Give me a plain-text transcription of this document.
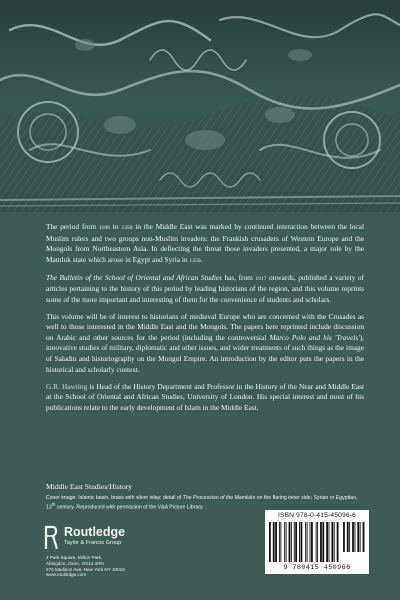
The period from 1100 to 1350 in the Middle East was marked by continued interaction between the local Muslim rulers and two groups non-Muslim invaders: the Frankish crusaders of Western Europe and the Mongols from Northeastern Asia. In deflecting the threat those invaders presented, a major role by the Mamluk state which arose in Egypt and Syria in 1250.

The Bulletin of the School of Oriental and African Studies has, from 1917 onwards, published a variety of articles pertaining to the history of this period by leading historians of the region, and this volume reprints some of the more important and interesting of them for the convenience of students and scholars.

This volume will be of interest to historians of medieval Europe who are concerned with the Crusades as well to those interested in the Middle East and the Mongols. The papers here reprinted include discussion on Arabic and other sources for the period (including the controversial Marco Polo and his 'Travels'), innovative studies of military, diplomatic and other issues, and wider treatments of such things as the image of Saladin and historiography on the Mongol Empire. An introduction by the editor puts the papers in the historical and scholarly context.

G.R. Hawting is Head of the History Department and Professor in the History of the Near and Middle East at the School of Oriental and African Studies, University of London. His special interest and most of his publications relate to the early development of Islam in the Middle East.

Middle East Studies/History
Cover image: Islamic basin, brass with silver inlay; detail of The Procession of the Mamluks on the flaring inner side; Syrian or Egyptian, 13th century. Reproduced with permission of the V&A Picture Library.
Routledge
Taylor & Francis Group
2 Park Square, Milton Park,
Abingdon, Oxon, OX14 4RN
270 Madison Ave, New York NY 10016
www.routledge.com
ISBN 978-0-415-45096-6
9 780415 450966
